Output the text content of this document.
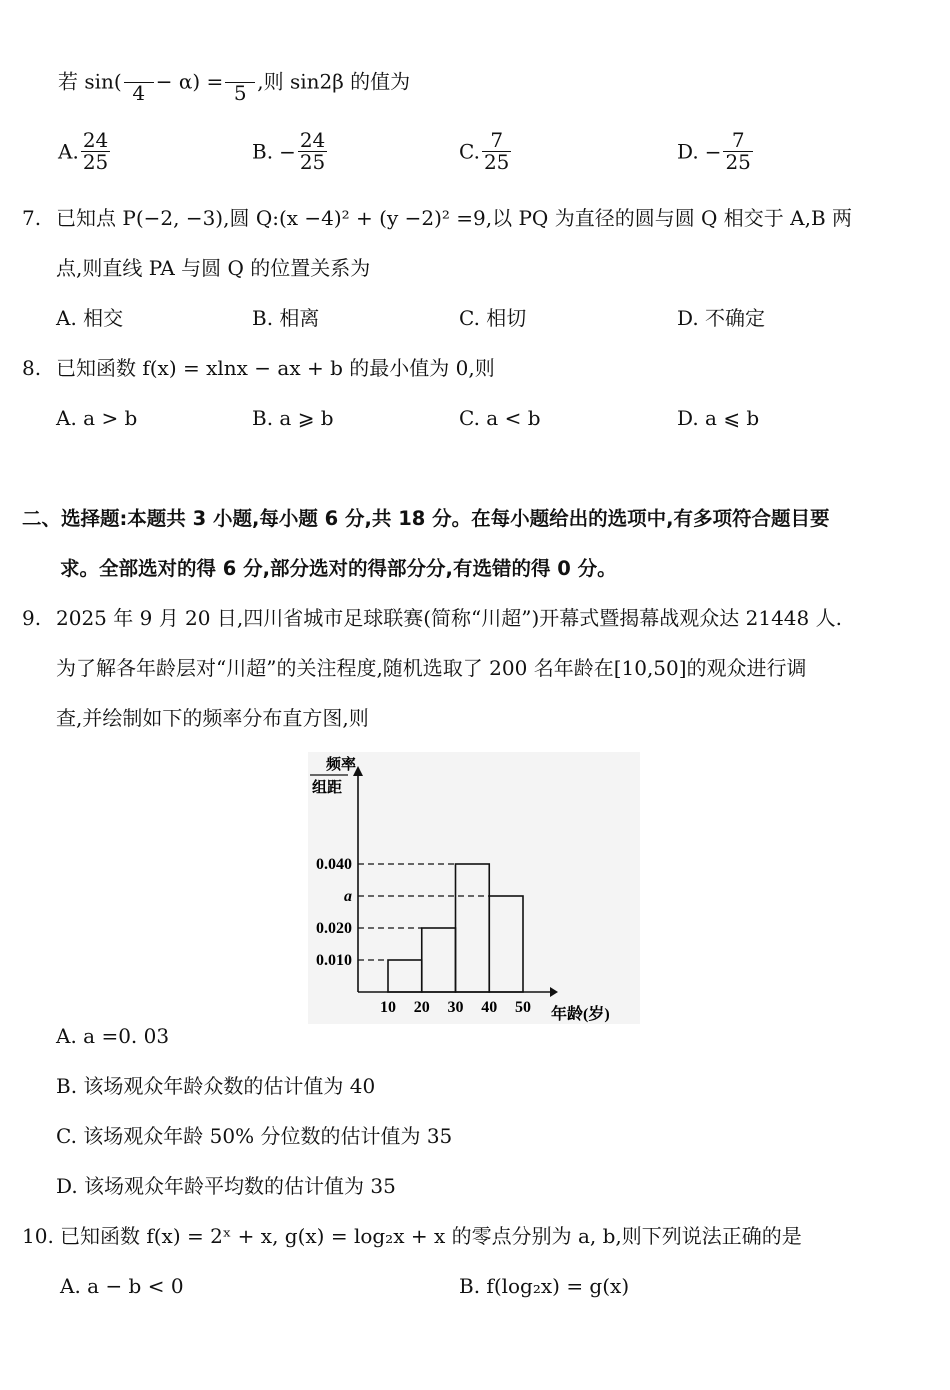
若 sin( 4 − α) = 5 ,则 sin2β 的值为
A. $\frac{24}{25}$	B. − $\frac{24}{25}$	C. $\frac{7}{25}$	D. − $\frac{7}{25}$
7. 已知点 P(−2, −3),圆 Q:(x −4)² + (y −2)² =9,以 PQ 为直径的圆与圆 Q 相交于 A,B 两
点,则直线 PA 与圆 Q 的位置关系为
A. 相交	B. 相离	C. 相切	D. 不确定
8. 已知函数 f(x) = xlnx − ax + b 的最小值为 0,则
A. a > b	B. a ⩾ b	C. a < b	D. a ⩽ b
二、选择题:本题共 3 小题,每小题 6 分,共 18 分。在每小题给出的选项中,有多项符合题目要
求。全部选对的得 6 分,部分选对的得部分分,有选错的得 0 分。
9. 2025 年 9 月 20 日,四川省城市足球联赛(简称“川超”)开幕式暨揭幕战观众达 21448 人.
为了解各年龄层对“川超”的关注程度,随机选取了 200 名年龄在[10,50]的观众进行调
查,并绘制如下的频率分布直方图,则
0.040
a
0.020
0.010
10 20 30 40 50
频率
组距
年龄(岁)
A. a =0. 03
B. 该场观众年龄众数的估计值为 40
C. 该场观众年龄 50% 分位数的估计值为 35
D. 该场观众年龄平均数的估计值为 35
10. 已知函数 f(x) = 2ˣ + x, g(x) = log₂x + x 的零点分别为 a, b,则下列说法正确的是
A. a − b < 0	B. f(log₂x) = g(x)
